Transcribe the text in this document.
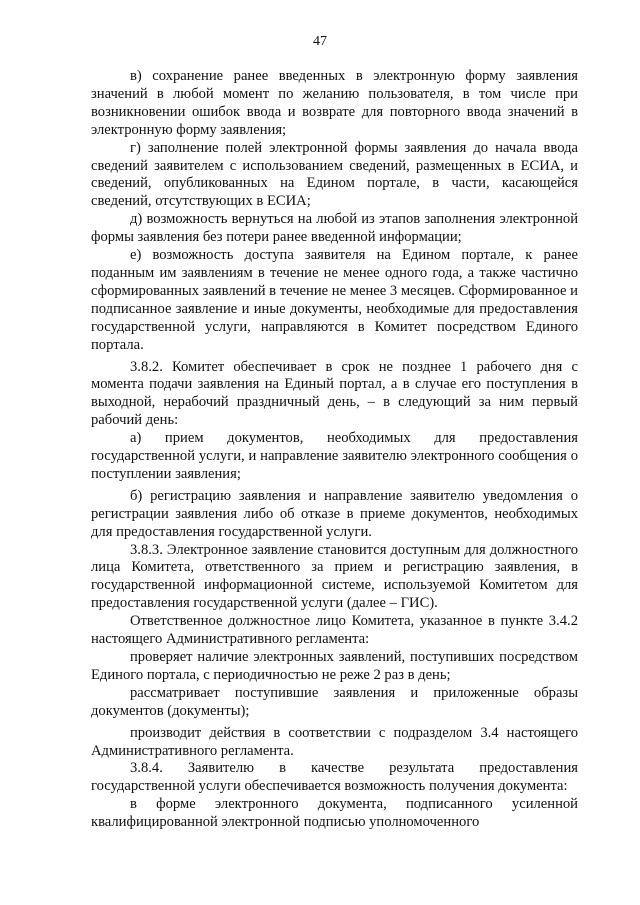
47

в) сохранение ранее введенных в электронную форму заявления значений в любой момент по желанию пользователя, в том числе при возникновении ошибок ввода и возврате для повторного ввода значений в электронную форму заявления;

г) заполнение полей электронной формы заявления до начала ввода сведений заявителем с использованием сведений, размещенных в ЕСИА, и сведений, опубликованных на Едином портале, в части, касающейся сведений, отсутствующих в ЕСИА;

д) возможность вернуться на любой из этапов заполнения электронной формы заявления без потери ранее введенной информации;

е) возможность доступа заявителя на Едином портале, к ранее поданным им заявлениям в течение не менее одного года, а также частично сформированных заявлений в течение не менее 3 месяцев. Сформированное и подписанное заявление и иные документы, необходимые для предоставления государственной услуги, направляются в Комитет посредством Единого портала.

3.8.2. Комитет обеспечивает в срок не позднее 1 рабочего дня с момента подачи заявления на Единый портал, а в случае его поступления в выходной, нерабочий праздничный день, – в следующий за ним первый рабочий день:

а) прием документов, необходимых для предоставления государственной услуги, и направление заявителю электронного сообщения о поступлении заявления;

б) регистрацию заявления и направление заявителю уведомления о регистрации заявления либо об отказе в приеме документов, необходимых для предоставления государственной услуги.

3.8.3. Электронное заявление становится доступным для должностного лица Комитета, ответственного за прием и регистрацию заявления, в государственной информационной системе, используемой Комитетом для предоставления государственной услуги (далее – ГИС).

Ответственное должностное лицо Комитета, указанное в пункте 3.4.2 настоящего Административного регламента:

проверяет наличие электронных заявлений, поступивших посредством Единого портала, с периодичностью не реже 2 раз в день;

рассматривает поступившие заявления и приложенные образы документов (документы);

производит действия в соответствии с подразделом 3.4 настоящего Административного регламента.

3.8.4. Заявителю в качестве результата предоставления государственной услуги обеспечивается возможность получения документа:

в форме электронного документа, подписанного усиленной квалифицированной электронной подписью уполномоченного
